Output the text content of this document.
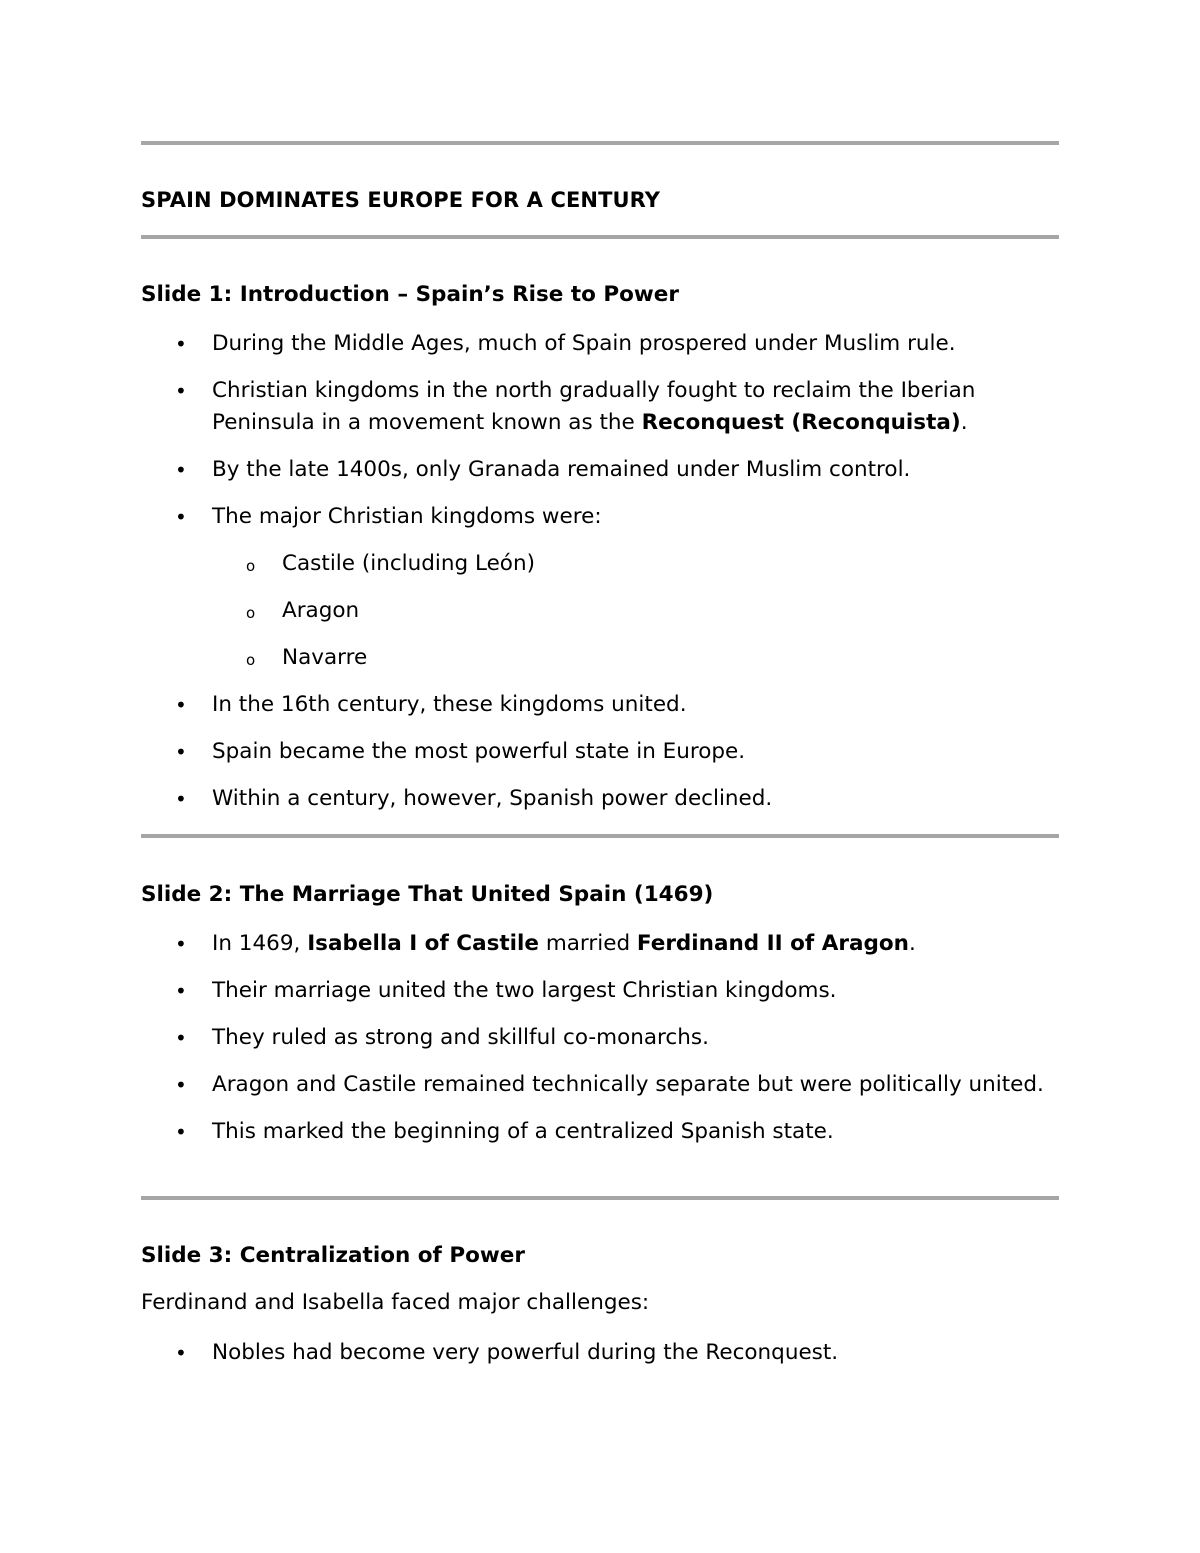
SPAIN DOMINATES EUROPE FOR A CENTURY
Slide 1: Introduction – Spain’s Rise to Power
• During the Middle Ages, much of Spain prospered under Muslim rule.
• Christian kingdoms in the north gradually fought to reclaim the Iberian Peninsula in a movement known as the Reconquest (Reconquista).
• By the late 1400s, only Granada remained under Muslim control.
• The major Christian kingdoms were:
o Castile (including León)
o Aragon
o Navarre
• In the 16th century, these kingdoms united.
• Spain became the most powerful state in Europe.
• Within a century, however, Spanish power declined.
Slide 2: The Marriage That United Spain (1469)
• In 1469, Isabella I of Castile married Ferdinand II of Aragon.
• Their marriage united the two largest Christian kingdoms.
• They ruled as strong and skillful co-monarchs.
• Aragon and Castile remained technically separate but were politically united.
• This marked the beginning of a centralized Spanish state.
Slide 3: Centralization of Power
Ferdinand and Isabella faced major challenges:
• Nobles had become very powerful during the Reconquest.
